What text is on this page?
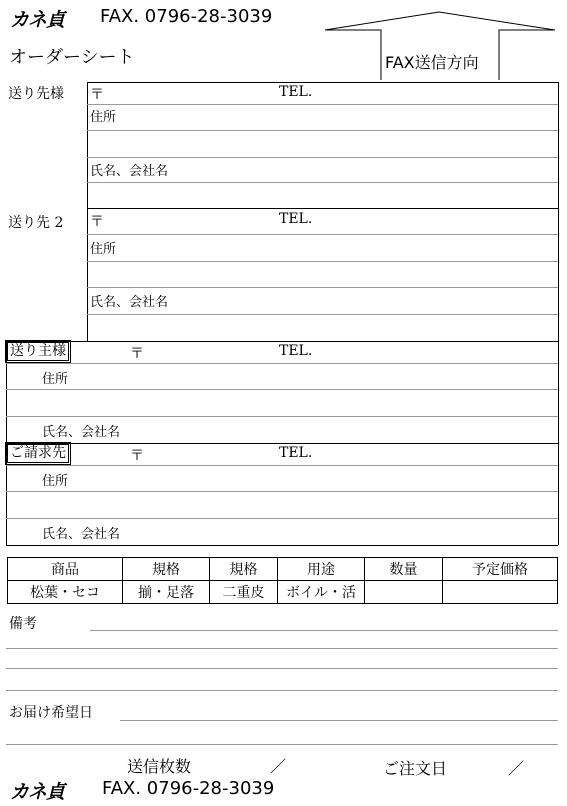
カネ貞 FAX. 0796-28-3039
オーダーシート	FAX送信方向
送り先様 〒	TEL.
住所
氏名、会社名
送り先 2 〒	TEL.
住所
氏名、会社名
送り主様	〒	TEL.
住所
氏名、会社名
ご請求先	〒	TEL.
住所
氏名、会社名
商品	規格	規格	用途	数量	予定価格
松葉・セコ	揃・足落	二重皮	ボイル・活		
備考
お届け希望日
送信枚数	／	ご注文日	／
カネ貞 FAX. 0796-28-3039
